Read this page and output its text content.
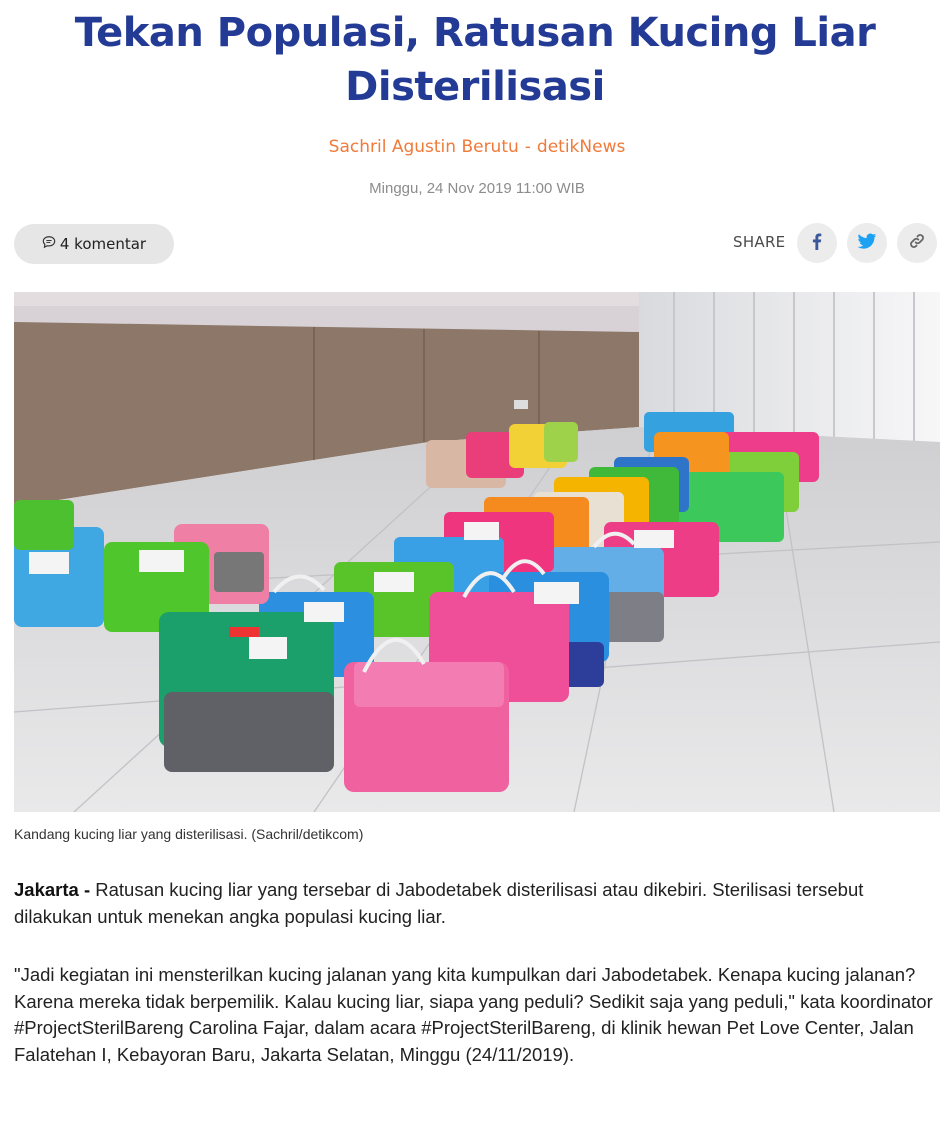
Tekan Populasi, Ratusan Kucing Liar Disterilisasi
Sachril Agustin Berutu - detikNews
Minggu, 24 Nov 2019 11:00 WIB
4 komentar	SHARE
Kandang kucing liar yang disterilisasi. (Sachril/detikcom)

Jakarta - Ratusan kucing liar yang tersebar di Jabodetabek disterilisasi atau dikebiri. Sterilisasi tersebut dilakukan untuk menekan angka populasi kucing liar.

"Jadi kegiatan ini mensterilkan kucing jalanan yang kita kumpulkan dari Jabodetabek. Kenapa kucing jalanan? Karena mereka tidak berpemilik. Kalau kucing liar, siapa yang peduli? Sedikit saja yang peduli," kata koordinator #ProjectSterilBareng Carolina Fajar, dalam acara #ProjectSterilBareng, di klinik hewan Pet Love Center, Jalan Falatehan I, Kebayoran Baru, Jakarta Selatan, Minggu (24/11/2019).
